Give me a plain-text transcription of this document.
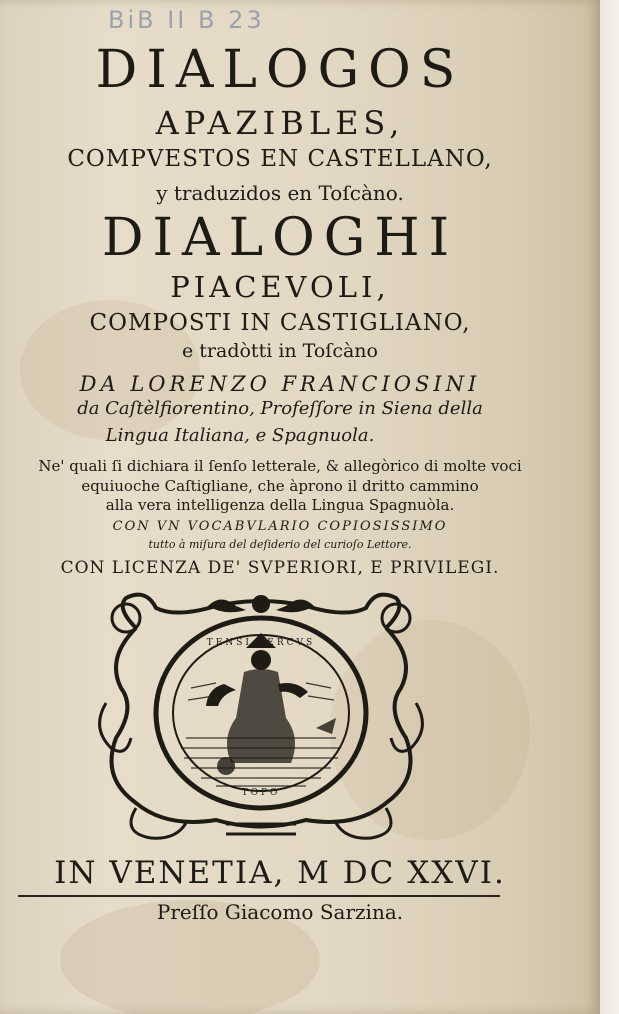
BiB II B 23
DIALOGOS
APAZIBLES,
COMPVESTOS EN CASTELLANO,
y traduzidos en Toſcàno.
DIALOGHI
PIACEVOLI,
COMPOSTI IN CASTIGLIANO,
e tradòtti in Toſcàno
DA LORENZO FRANCIOSINI
da Caſtèlfiorentino, Profeſſore in Siena della
Lingua Italiana, e Spagnuola.
Ne' quali ſi dichiara il ſenſo letterale, & allegòrico di molte voci
equiuoche Caſtigliane, che àprono il dritto cammino
alla vera intelligenza della Lingua Spagnuòla.
CON VN VOCABVLARIO COPIOSISSIMO
tutto à miſura del deſiderio del curioſo Lettore.
CON LICENZA DE' SVPERIORI, E PRIVILEGI.
TENSI VERCVS
TOPO
IN VENETIA, M DC XXVI.
Preſſo Giacomo Sarzina.
